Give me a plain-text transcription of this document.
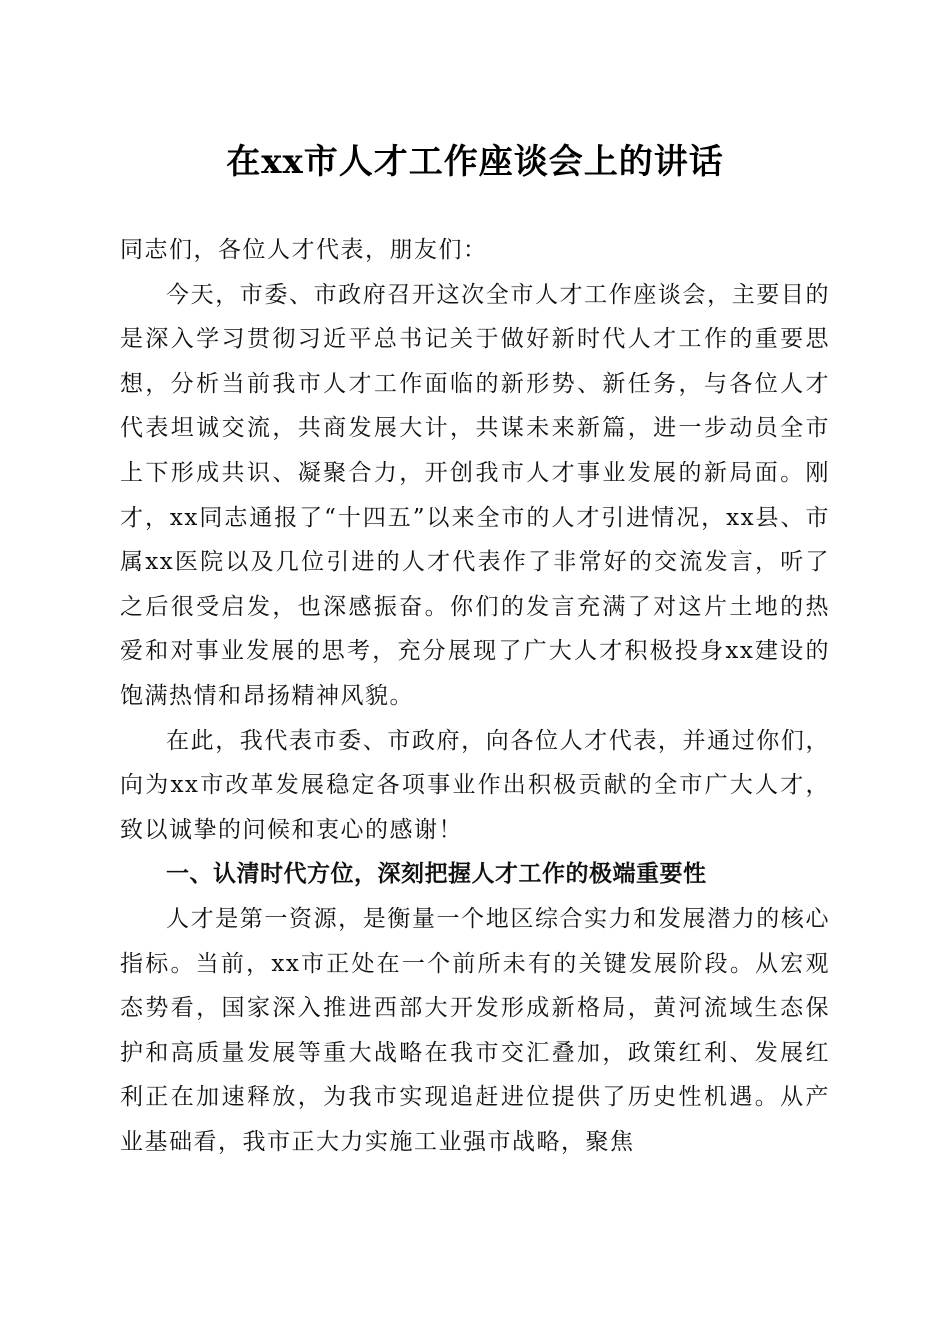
在xx市人才工作座谈会上的讲话

同志们，各位人才代表，朋友们：

今天，市委、市政府召开这次全市人才工作座谈会，主要目的是深入学习贯彻习近平总书记关于做好新时代人才工作的重要思想，分析当前我市人才工作面临的新形势、新任务，与各位人才代表坦诚交流，共商发展大计，共谋未来新篇，进一步动员全市上下形成共识、凝聚合力，开创我市人才事业发展的新局面。刚才，xx同志通报了“十四五”以来全市的人才引进情况，xx县、市属xx医院以及几位引进的人才代表作了非常好的交流发言，听了之后很受启发，也深感振奋。你们的发言充满了对这片土地的热爱和对事业发展的思考，充分展现了广大人才积极投身xx建设的饱满热情和昂扬精神风貌。

在此，我代表市委、市政府，向各位人才代表，并通过你们，向为xx市改革发展稳定各项事业作出积极贡献的全市广大人才，致以诚挚的问候和衷心的感谢！

一、认清时代方位，深刻把握人才工作的极端重要性

人才是第一资源，是衡量一个地区综合实力和发展潜力的核心指标。当前，xx市正处在一个前所未有的关键发展阶段。从宏观态势看，国家深入推进西部大开发形成新格局，黄河流域生态保护和高质量发展等重大战略在我市交汇叠加，政策红利、发展红利正在加速释放，为我市实现追赶进位提供了历史性机遇。从产业基础看，我市正大力实施工业强市战略，聚焦
